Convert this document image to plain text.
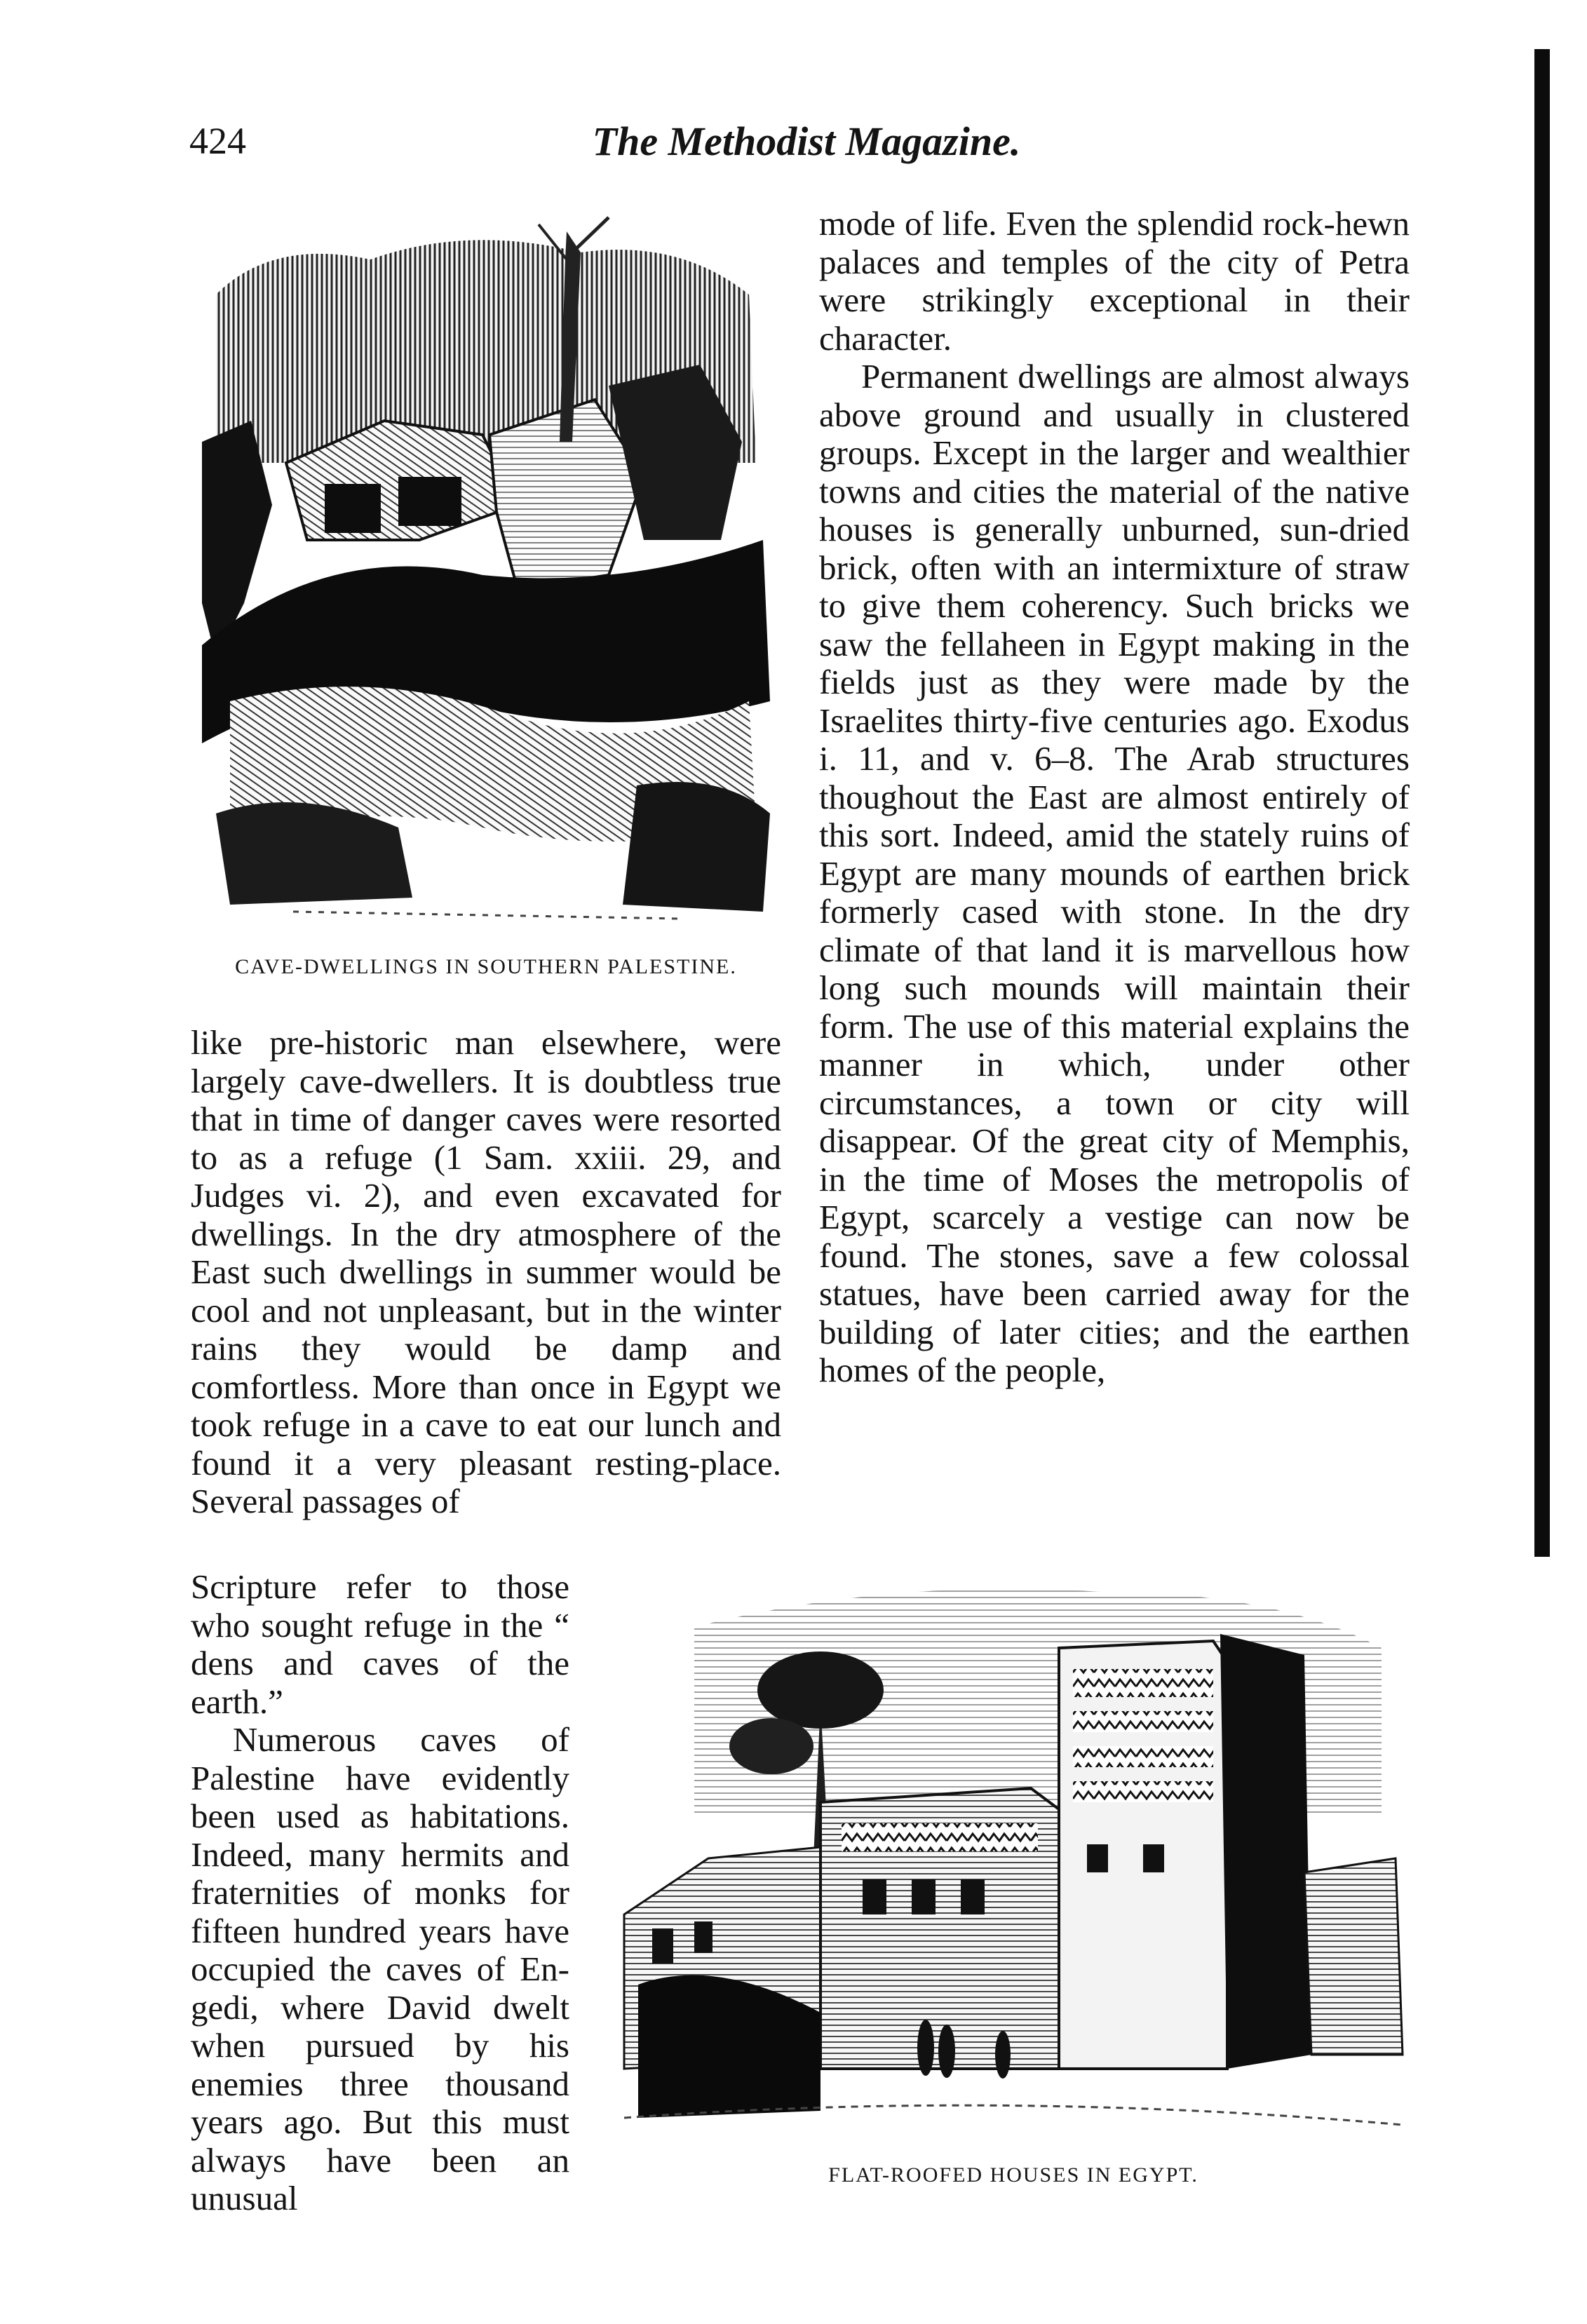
424	The Methodist Magazine.
CAVE-DWELLINGS IN SOUTHERN PALESTINE.

mode of life. Even the splendid rock-hewn palaces and temples of the city of Petra were strikingly exceptional in their character.

Permanent dwellings are almost always above ground and usually in clustered groups. Except in the larger and wealthier towns and cities the material of the native houses is generally unburned, sun-dried brick, often with an intermixture of straw to give them coherency. Such bricks we saw the fellaheen in Egypt making in the fields just as they were made by the Israelites thirty-five centuries ago. Exodus i. 11, and v. 6–8. The Arab structures thoughout the East are almost entirely of this sort. Indeed, amid the stately ruins of Egypt are many mounds of earthen brick formerly cased with stone. In the dry climate of that land it is marvellous how long such mounds will maintain their form. The use of this material explains the manner in which, under other circumstances, a town or city will disappear. Of the great city of Memphis, in the time of Moses the metropolis of Egypt, scarcely a vestige can now be found. The stones, save a few colossal statues, have been carried away for the building of later cities; and the earthen homes of the people,

like pre-historic man elsewhere, were largely cave-dwellers. It is doubtless true that in time of danger caves were resorted to as a refuge (1 Sam. xxiii. 29, and Judges vi. 2), and even excavated for dwellings. In the dry atmosphere of the East such dwellings in summer would be cool and not unpleasant, but in the winter rains they would be damp and comfortless. More than once in Egypt we took refuge in a cave to eat our lunch and found it a very pleasant resting-place. Several passages of

Scripture refer to those who sought refuge in the “ dens and caves of the earth.”

Numerous caves of Palestine have evidently been used as habitations. Indeed, many hermits and fraternities of monks for fifteen hundred years have occupied the caves of En-gedi, where David dwelt when pursued by his enemies three thousand years ago. But this must always have been an unusual

FLAT-ROOFED HOUSES IN EGYPT.
